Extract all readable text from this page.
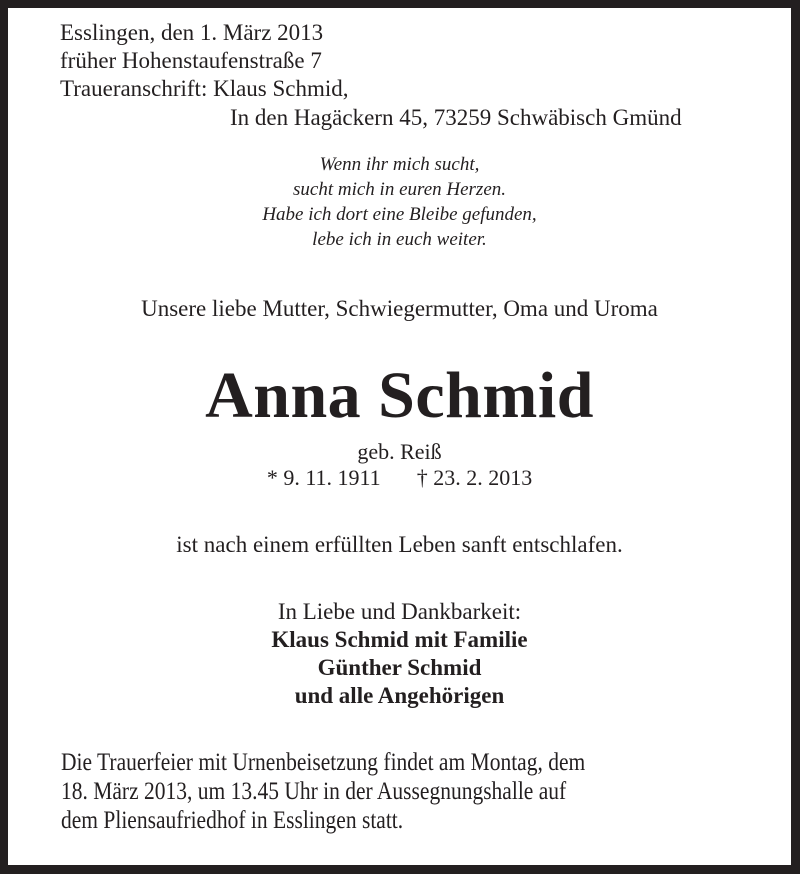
Esslingen, den 1. März 2013
früher Hohenstaufenstraße 7
Traueranschrift: Klaus Schmid,
In den Hagäckern 45, 73259 Schwäbisch Gmünd
Wenn ihr mich sucht,
sucht mich in euren Herzen.
Habe ich dort eine Bleibe gefunden,
lebe ich in euch weiter.
Unsere liebe Mutter, Schwiegermutter, Oma und Uroma
Anna Schmid
geb. Reiß
* 9. 11. 1911 † 23. 2. 2013
ist nach einem erfüllten Leben sanft entschlafen.
In Liebe und Dankbarkeit:
Klaus Schmid mit Familie
Günther Schmid
und alle Angehörigen
Die Trauerfeier mit Urnenbeisetzung findet am Montag, dem
18. März 2013, um 13.45 Uhr in der Aussegnungshalle auf
dem Pliensaufriedhof in Esslingen statt.
